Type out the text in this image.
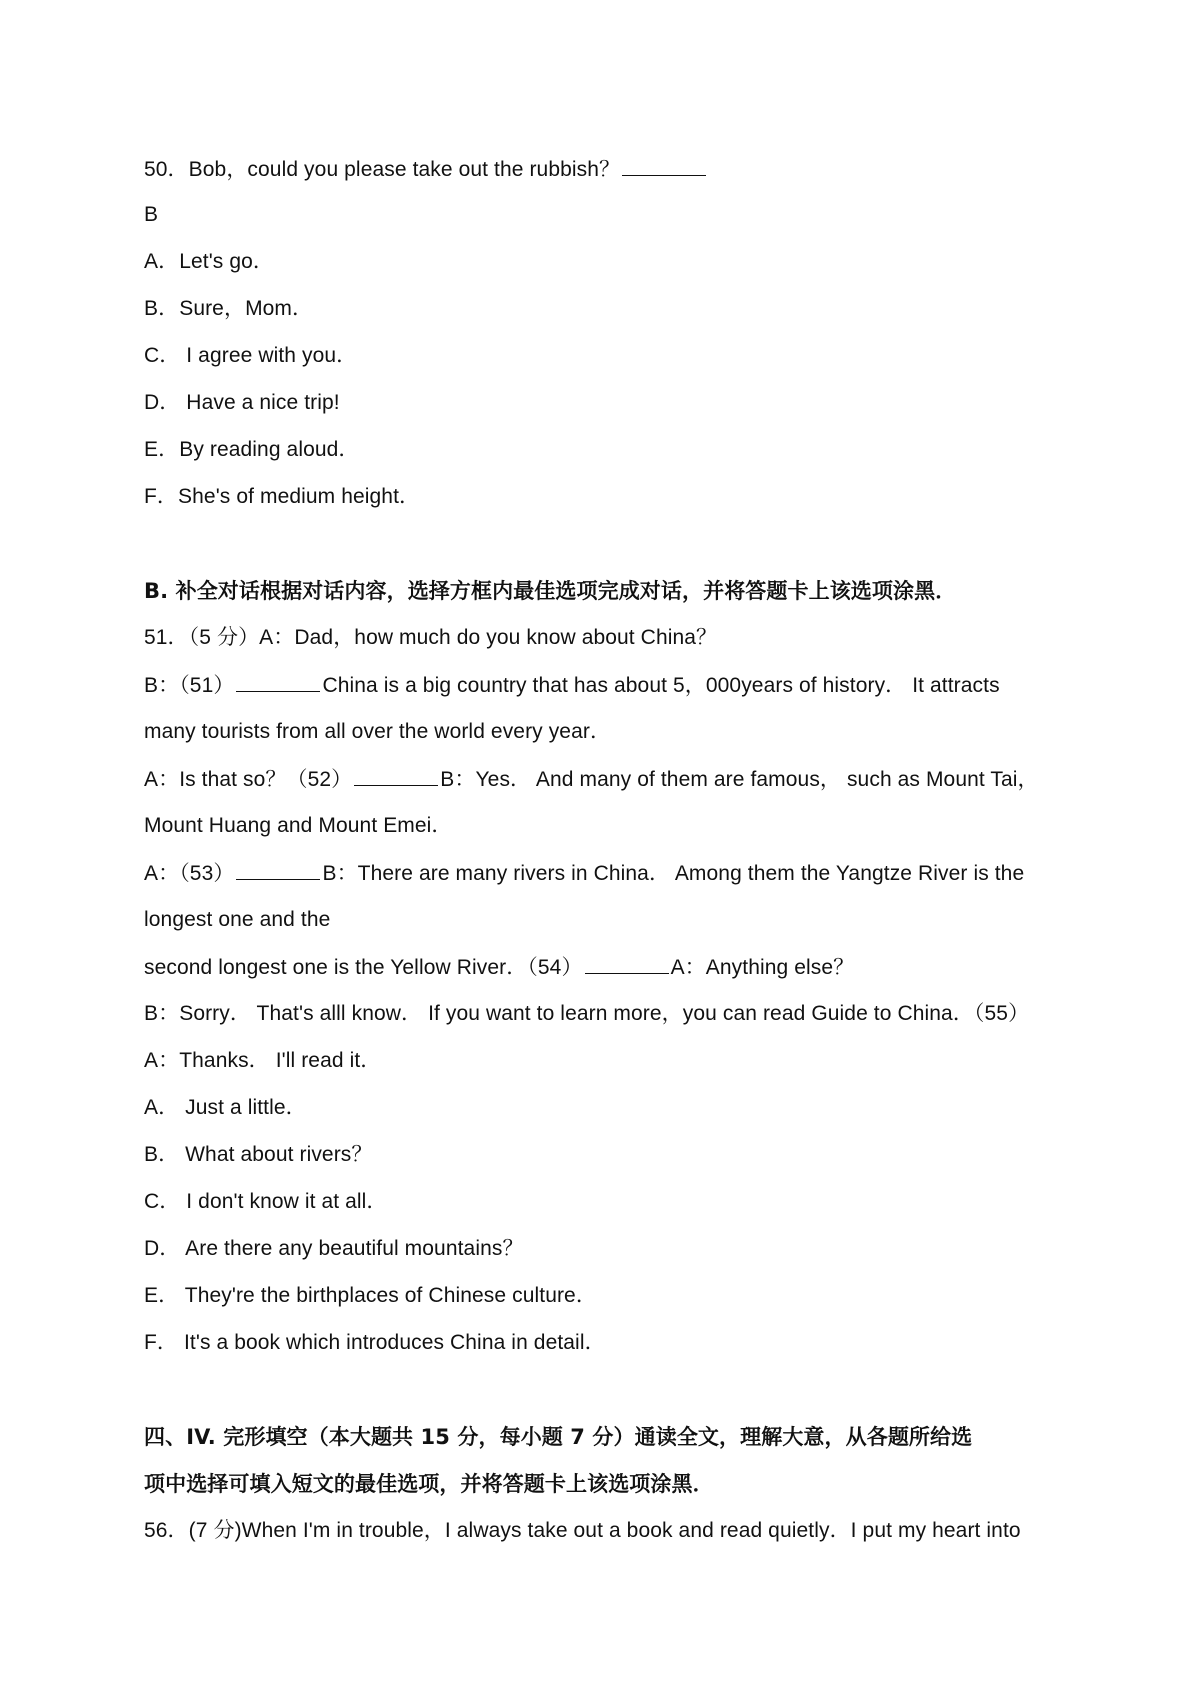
50．Bob，could you please take out the rubbish？
B
A．Let's go．
B．Sure，Mom．
C． I agree with you．
D． Have a nice trip!
E．By reading aloud．
F．She's of medium height．
B. 补全对话根据对话内容，选择方框内最佳选项完成对话，并将答题卡上该选项涂黑．
51．（5 分）A：Dad，how much do you know about China？
B：（51）	China is a big country that has about 5，000years of history． It attracts
many tourists from all over the world every year．
A：Is that so？（52）	B：Yes． And many of them are famous， such as Mount Tai，
Mount Huang and Mount Emei．
A：（53）	B：There are many rivers in China． Among them the Yangtze River is the
longest one and the
second longest one is the Yellow River．（54）	A：Anything else？
B：Sorry． That's alll know． If you want to learn more，you can read Guide to China．（55）
A：Thanks． I'll read it．
A． Just a little．
B． What about rivers？
C． I don't know it at all．
D． Are there any beautiful mountains？
E． They're the birthplaces of Chinese culture．
F． It's a book which introduces China in detail．
四、IV. 完形填空（本大题共 15 分，每小题 7 分）通读全文，理解大意，从各题所给选
项中选择可填入短文的最佳选项，并将答题卡上该选项涂黑．
56．(7 分)When I'm in trouble，I always take out a book and read quietly．I put my heart into
